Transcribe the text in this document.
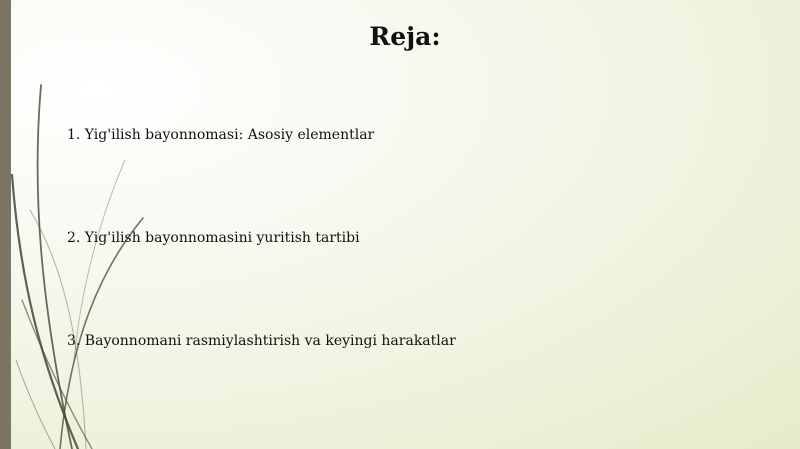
Reja:
1. Yig'ilish bayonnomasi: Asosiy elementlar
2. Yig'ilish bayonnomasini yuritish tartibi
3. Bayonnomani rasmiylashtirish va keyingi harakatlar
